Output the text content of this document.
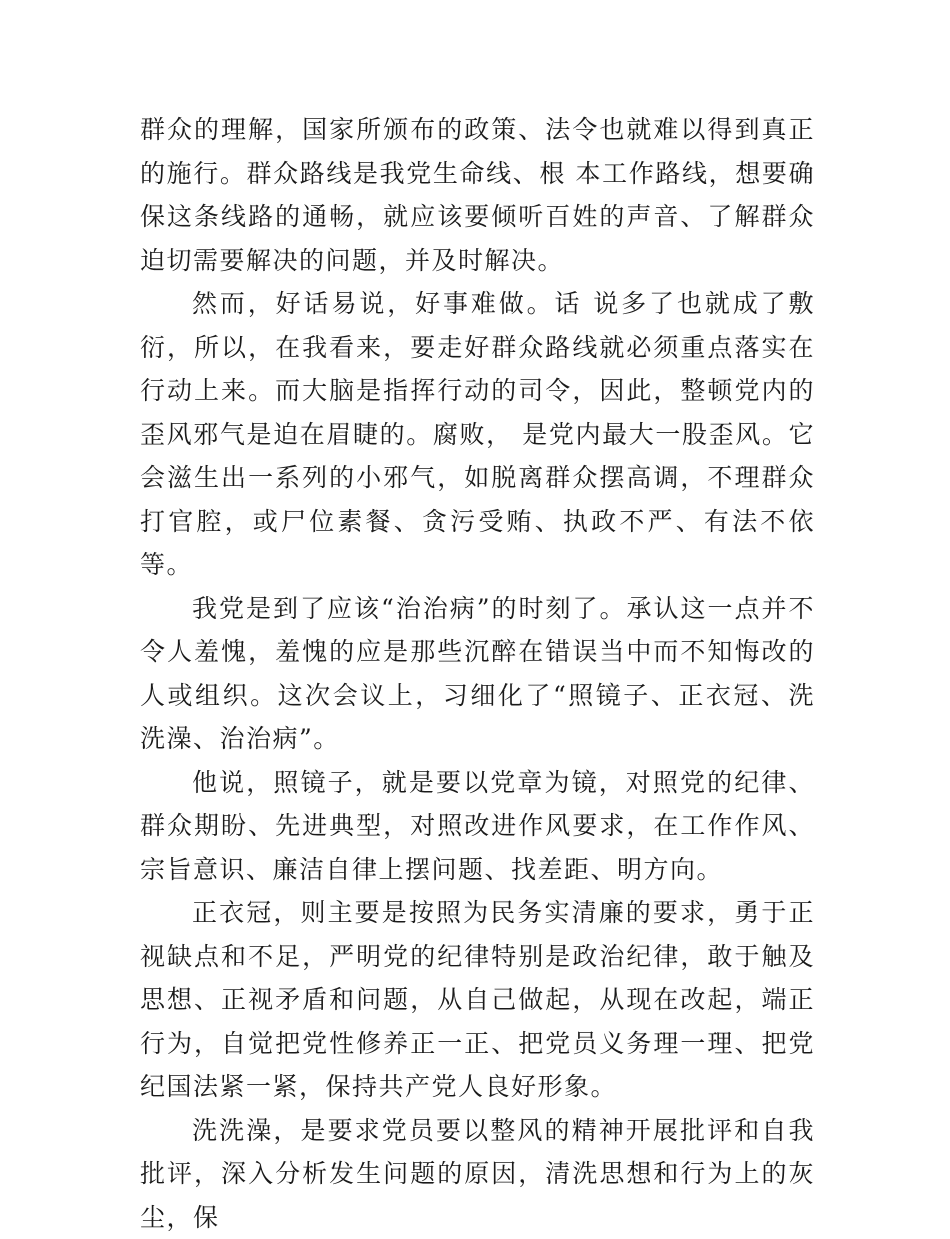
群众的理解，国家所颁布的政策、法令也就难以得到真正的施行。群众路线是我党生命线、根 本工作路线，想要确保这条线路的通畅，就应该要倾听百姓的声音、了解群众迫切需要解决的问题，并及时解决。

然而，好话易说，好事难做。话 说多了也就成了敷衍，所以，在我看来，要走好群众路线就必须重点落实在行动上来。而大脑是指挥行动的司令，因此，整顿党内的歪风邪气是迫在眉睫的。腐败， 是党内最大一股歪风。它会滋生出一系列的小邪气，如脱离群众摆高调，不理群众打官腔，或尸位素餐、贪污受贿、执政不严、有法不依等。

我党是到了应该“治治病”的时刻了。承认这一点并不令人羞愧，羞愧的应是那些沉醉在错误当中而不知悔改的人或组织。这次会议上，习细化了“照镜子、正衣冠、洗洗澡、治治病”。

他说，照镜子，就是要以党章为镜，对照党的纪律、群众期盼、先进典型，对照改进作风要求，在工作作风、宗旨意识、廉洁自律上摆问题、找差距、明方向。

正衣冠，则主要是按照为民务实清廉的要求，勇于正视缺点和不足，严明党的纪律特别是政治纪律，敢于触及思想、正视矛盾和问题，从自己做起，从现在改起，端正行为，自觉把党性修养正一正、把党员义务理一理、把党纪国法紧一紧，保持共产党人良好形象。

洗洗澡，是要求党员要以整风的精神开展批评和自我批评，深入分析发生问题的原因，清洗思想和行为上的灰尘，保
